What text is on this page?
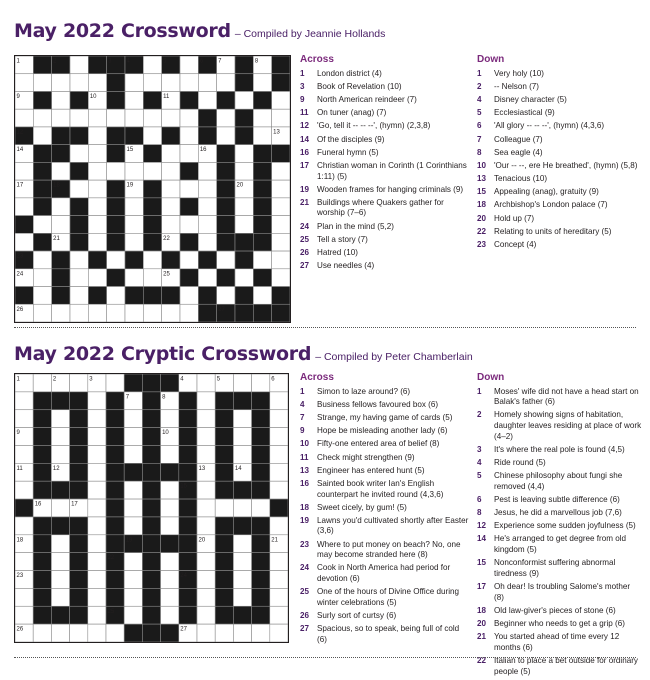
May 2022 Crossword – Compiled by Jeannie Hollands
1	2	3 4	5	6 7	8
9	10	11
12	13
14	15	16
17	18	19	20
21	22
23
24	25
26	27
Across
1 London district (4)
3 Book of Revelation (10)
9 North American reindeer (7)
11 On tuner (anag) (7)
12 'Go, tell it -- -- --', (hymn) (2,3,8)
14 Of the disciples (9)
16 Funeral hymn (5)
17 Christian woman in Corinth (1 Corinthians 1:11) (5)
19 Wooden frames for hanging criminals (9)
21 Buildings where Quakers gather for worship (7–6)
24 Plan in the mind (5,2)
25 Tell a story (7)
26 Hatred (10)
27 Use needles (4)
Down
1 Very holy (10)
2 -- Nelson (7)
4 Disney character (5)
5 Ecclesiastical (9)
6 'All glory -- -- --', (hymn) (4,3,6)
7 Colleague (7)
8 Sea eagle (4)
10 'Our -- --, ere He breathed', (hymn) (5,8)
13 Tenacious (10)
15 Appealing (anag), gratuity (9)
18 Archbishop's London palace (7)
20 Hold up (7)
22 Relating to units of hereditary (5)
23 Concept (4)
May 2022 Cryptic Crossword – Compiled by Peter Chamberlain
1	2	3	4	5	6
7	8
9	10
11	12	13	14
15
16	17
18	19	20	21
22
23	24
25
26	27
Across
1 Simon to laze around? (6)
4 Business fellows favoured box (6)
7 Strange, my having game of cards (5)
9 Hope be misleading another lady (6)
10 Fifty-one entered area of belief (8)
11 Check might strengthen (9)
13 Engineer has entered hunt (5)
16 Sainted book writer Ian's English counterpart he invited round (4,3,6)
18 Sweet cicely, by gum! (5)
19 Lawns you'd cultivated shortly after Easter (3,6)
23 Where to put money on beach? No, one may become stranded here (8)
24 Cook in North America had period for devotion (6)
25 One of the hours of Divine Office during winter celebrations (5)
26 Surly sort of curtsy (6)
27 Spacious, so to speak, being full of cold (6)
Down
1 Moses' wife did not have a head start on Balak's father (6)
2 Homely showing signs of habitation, daughter leaves residing at place of work (4–2)
3 It's where the real pole is found (4,5)
4 Ride round (5)
5 Chinese philosophy about fungi she removed (4,4)
6 Pest is leaving subtle difference (6)
8 Jesus, he did a marvellous job (7,6)
12 Experience some sudden joyfulness (5)
14 He's arranged to get degree from old kingdom (5)
15 Nonconformist suffering abnormal tiredness (9)
17 Oh dear! Is troubling Salome's mother (8)
18 Old law-giver's pieces of stone (6)
20 Beginner who needs to get a grip (6)
21 You started ahead of time every 12 months (6)
22 Italian to place a bet outside for ordinary people (5)
